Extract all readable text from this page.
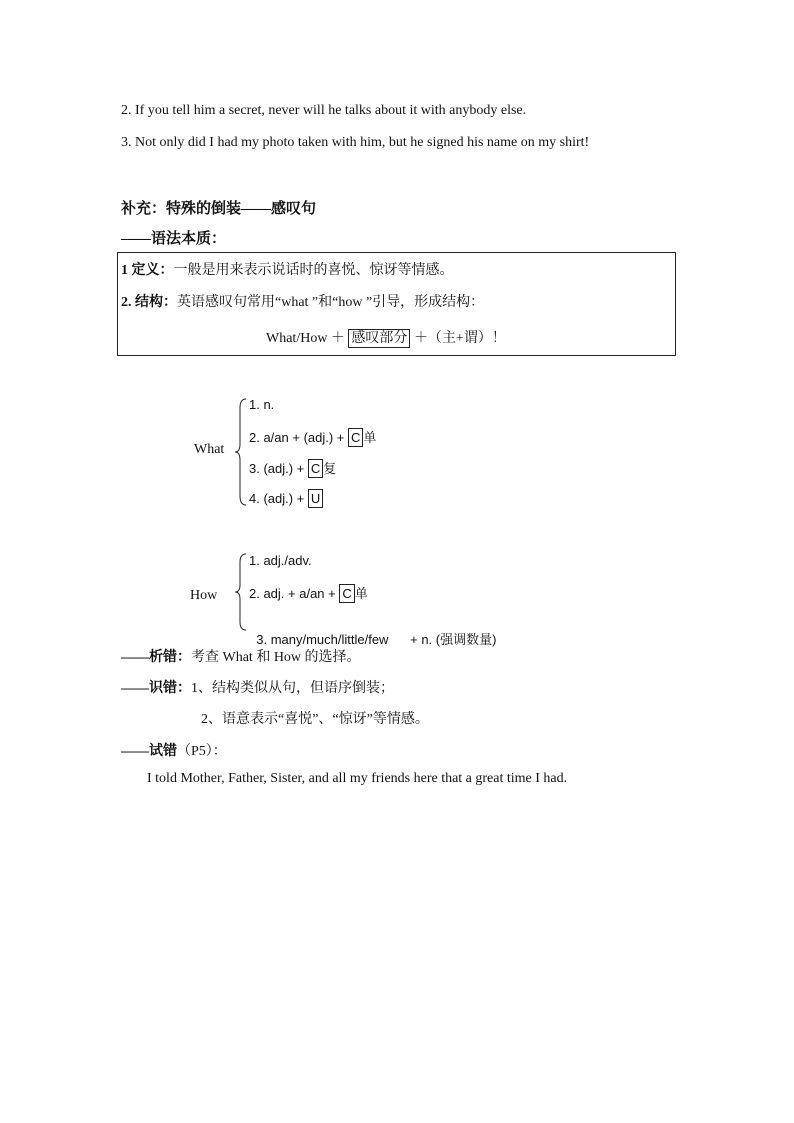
2. If you tell him a secret, never will he talks about it with anybody else.
3. Not only did I had my photo taken with him, but he signed his name on my shirt!
补充：特殊的倒装——感叹句
——语法本质：
1 定义：一般是用来表示说话时的喜悦、惊讶等情感。
2. 结构：英语感叹句常用“what ”和“how ”引导，形成结构：
What/How ＋ 感叹部分 ＋（主+谓）！
What
1. n.
2. a/an + (adj.) + C 单
3. (adj.) + C 复
4. (adj.) + U
How
1. adj./adv.
2. adj. + a/an + C 单

3. many/much/little/few      + n. (强调数量)

——析错：考查 What 和 How 的选择。
——识错：1、结构类似从句，但语序倒装；
2、语意表示“喜悦”、“惊讶”等情感。
——试错（P5）：
I told Mother, Father, Sister, and all my friends here that a great time I had.
